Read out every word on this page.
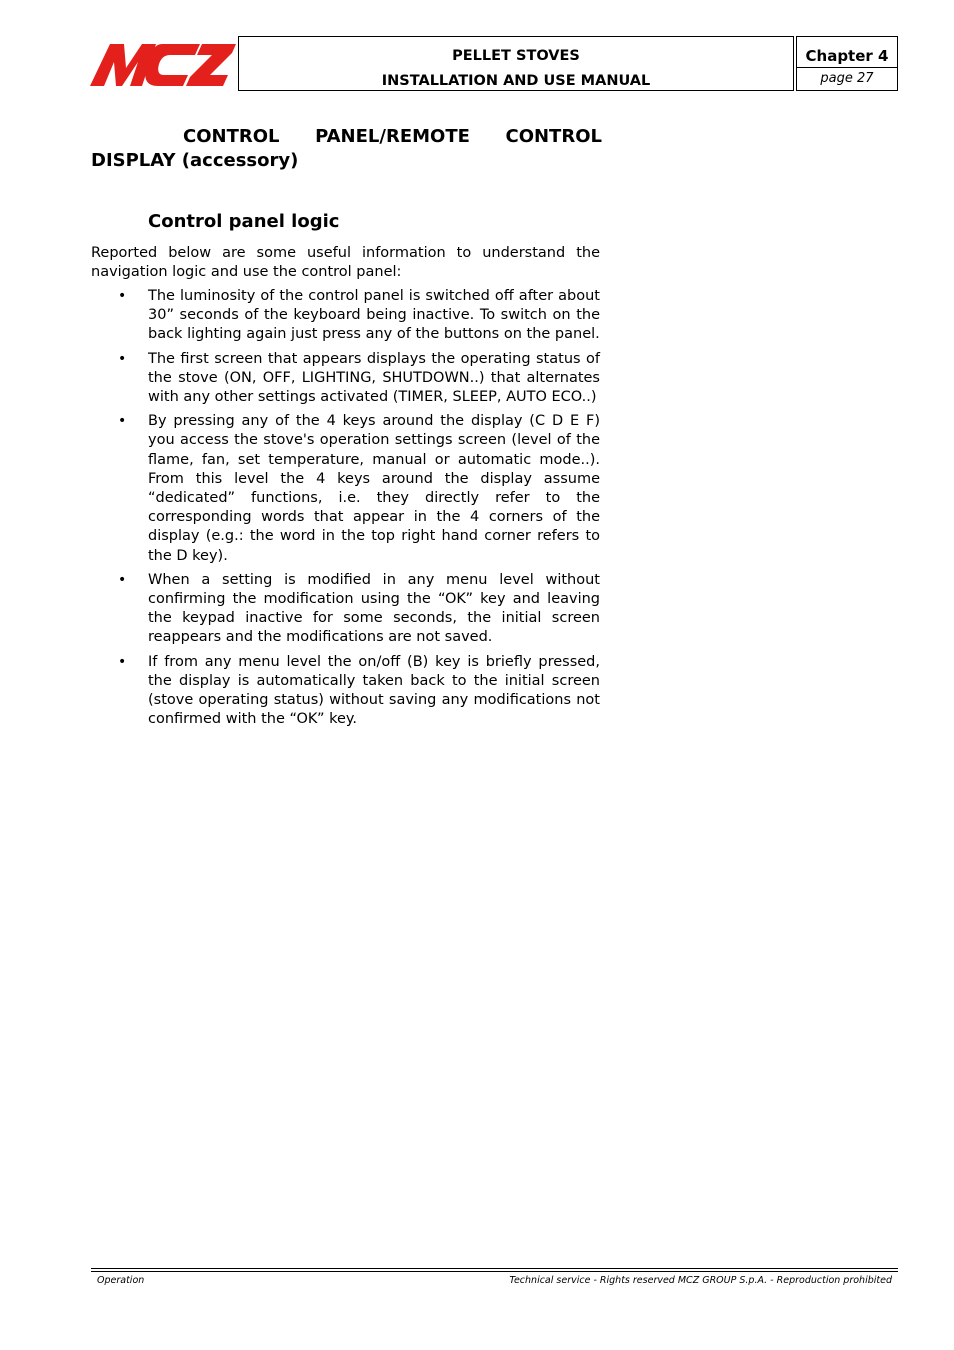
PELLET STOVES
INSTALLATION AND USE MANUAL
Chapter 4
page 27
CONTROL PANEL/REMOTE CONTROL
DISPLAY (accessory)
Control panel logic
Reported below are some useful information to understand the navigation logic and use the control panel:
• The luminosity of the control panel is switched off after about 30” seconds of the keyboard being inactive. To switch on the back lighting again just press any of the buttons on the panel.
• The first screen that appears displays the operating status of the stove (ON, OFF, LIGHTING, SHUTDOWN..) that alternates with any other settings activated (TIMER, SLEEP, AUTO ECO..)
• By pressing any of the 4 keys around the display (C D E F) you access the stove's operation settings screen (level of the flame, fan, set temperature, manual or automatic mode..). From this level the 4 keys around the display assume “dedicated” functions, i.e. they directly refer to the corresponding words that appear in the 4 corners of the display (e.g.: the word in the top right hand corner refers to the D key).
• When a setting is modified in any menu level without confirming the modification using the “OK” key and leaving the keypad inactive for some seconds, the initial screen reappears and the modifications are not saved.
• If from any menu level the on/off (B) key is briefly pressed, the display is automatically taken back to the initial screen (stove operating status) without saving any modifications not confirmed with the “OK” key.
Operation	Technical service - Rights reserved MCZ GROUP S.p.A. - Reproduction prohibited
